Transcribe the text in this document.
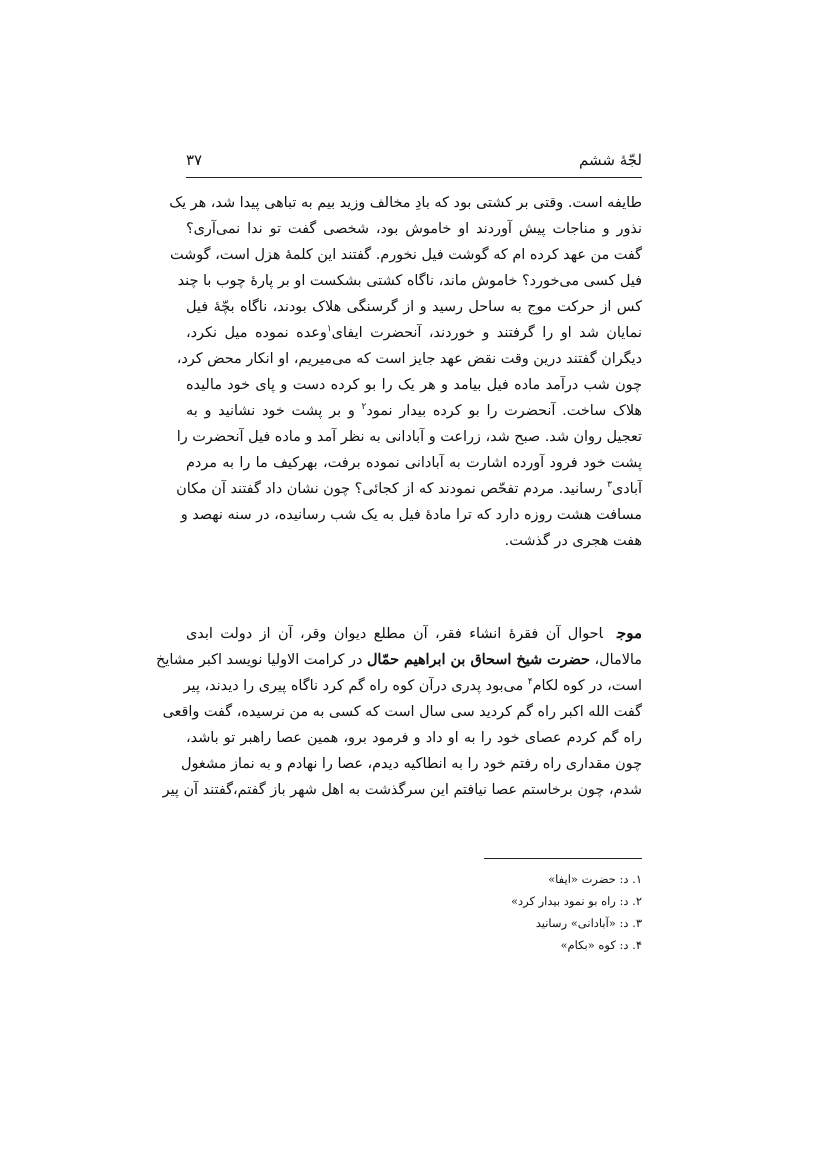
لجّهٔ ششم
۳۷
طایفه است. وقتی بر کشتی بود که بادِ مخالف وزید بیم به تباهی پیدا شد، هر یک
نذور و مناجات پیش آوردند او خاموش بود، شخصی گفت تو ندا نمی‌آری؟
گفت من عهد کرده ام که گوشت فیل نخورم. گفتند این کلمهٔ هزل است، گوشت
فیل کسی می‌خورد؟ خاموش ماند، ناگاه کشتی بشکست او بر پارهٔ چوب با چند
کس از حرکت موج به ساحل رسید و از گرسنگی هلاک بودند، ناگاه بچّهٔ فیل
نمایان شد او را گرفتند و خوردند، آنحضرت ایفای$^۱$وعده نموده میل نکرد،
دیگران گفتند درین وقت نقض عهد جایز است که می‌میریم، او انکار محض کرد،
چون شب درآمد ماده فیل بیامد و هر یک را بو کرده دست و پای خود مالیده
هلاک ساخت. آنحضرت را بو کرده بیدار نمود$^۲$ و بر پشت خود نشانید و به
تعجیل روان شد. صبح شد، زراعت و آبادانی به نظر آمد و ماده فیل آنحضرت را
پشت خود فرود آورده اشارت به آبادانی نموده برفت، بهرکیف ما را به مردم
آبادی$^۳$ رسانید. مردم تفحّص نمودند که از کجائی؟ چون نشان داد گفتند آن مکان
مسافت هشت روزه دارد که ترا مادهٔ فیل به یک شب رسانیده، در سنه نهصد و
هفت هجری در گذشت.
موجاحوال آن فقرهٔ انشاء فقر، آن مطلع دیوان وقر، آن از دولت ابدی
مالامال، حضرت شیخ اسحاق بن ابراهیم حمّال در کرامت الاولیا نویسد اکبر مشایخ
است، در کوه لکام$^۴$ می‌بود پدری درآن کوه راه گم کرد ناگاه پیری را دیدند، پیر
گفت الله اکبر راه گم کردید سی سال است که کسی به من نرسیده، گفت واقعی
راه گم کردم عصای خود را به او داد و فرمود برو، همین عصا راهبر تو باشد،
چون مقداری راه رفتم خود را به انطاکیه دیدم، عصا را نهادم و به نماز مشغول
شدم، چون برخاستم عصا نیافتم این سرگذشت به اهل شهر باز گفتم،گفتند آن پیر
۱. د: حضرت «ایفا»
۲. د: راه بو نمود بیدار کرد»
۳. د: «آبادانی» رسانید
۴. د: کوه «بکام»
